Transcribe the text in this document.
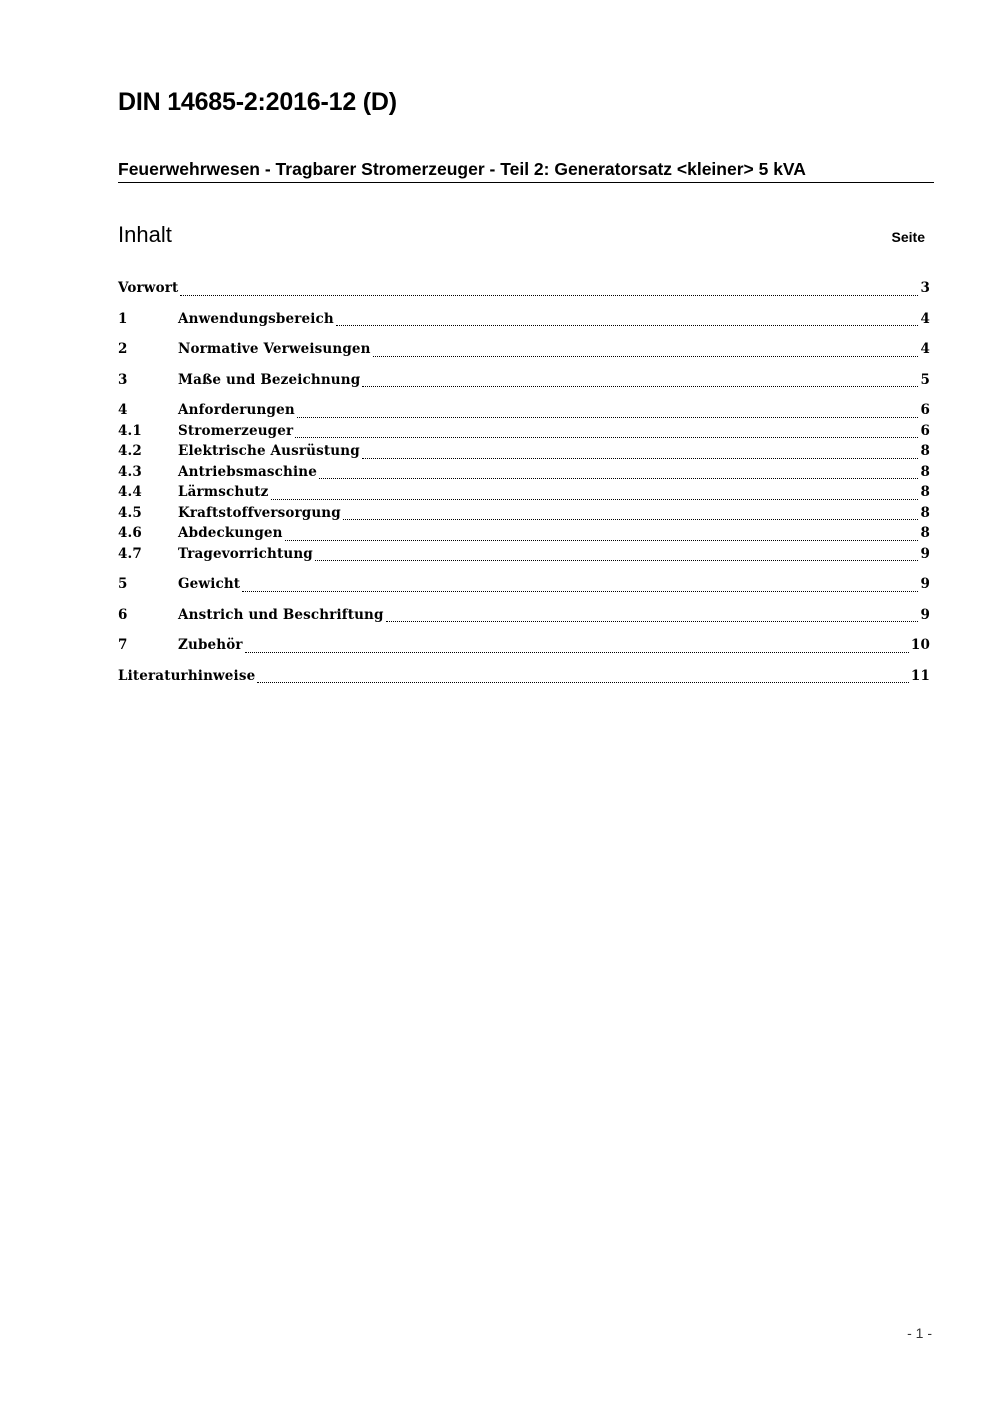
DIN 14685-2:2016-12 (D)
Feuerwehrwesen - Tragbarer Stromerzeuger - Teil 2: Generatorsatz <kleiner> 5 kVA
Inhalt	Seite
Vorwort	3
1	Anwendungsbereich	4
2	Normative Verweisungen	4
3	Maße und Bezeichnung	5
4	Anforderungen	6
4.1	Stromerzeuger	6
4.2	Elektrische Ausrüstung	8
4.3	Antriebsmaschine	8
4.4	Lärmschutz	8
4.5	Kraftstoffversorgung	8
4.6	Abdeckungen	8
4.7	Tragevorrichtung	9
5	Gewicht	9
6	Anstrich und Beschriftung	9
7	Zubehör	10
Literaturhinweise	11
- 1 -
